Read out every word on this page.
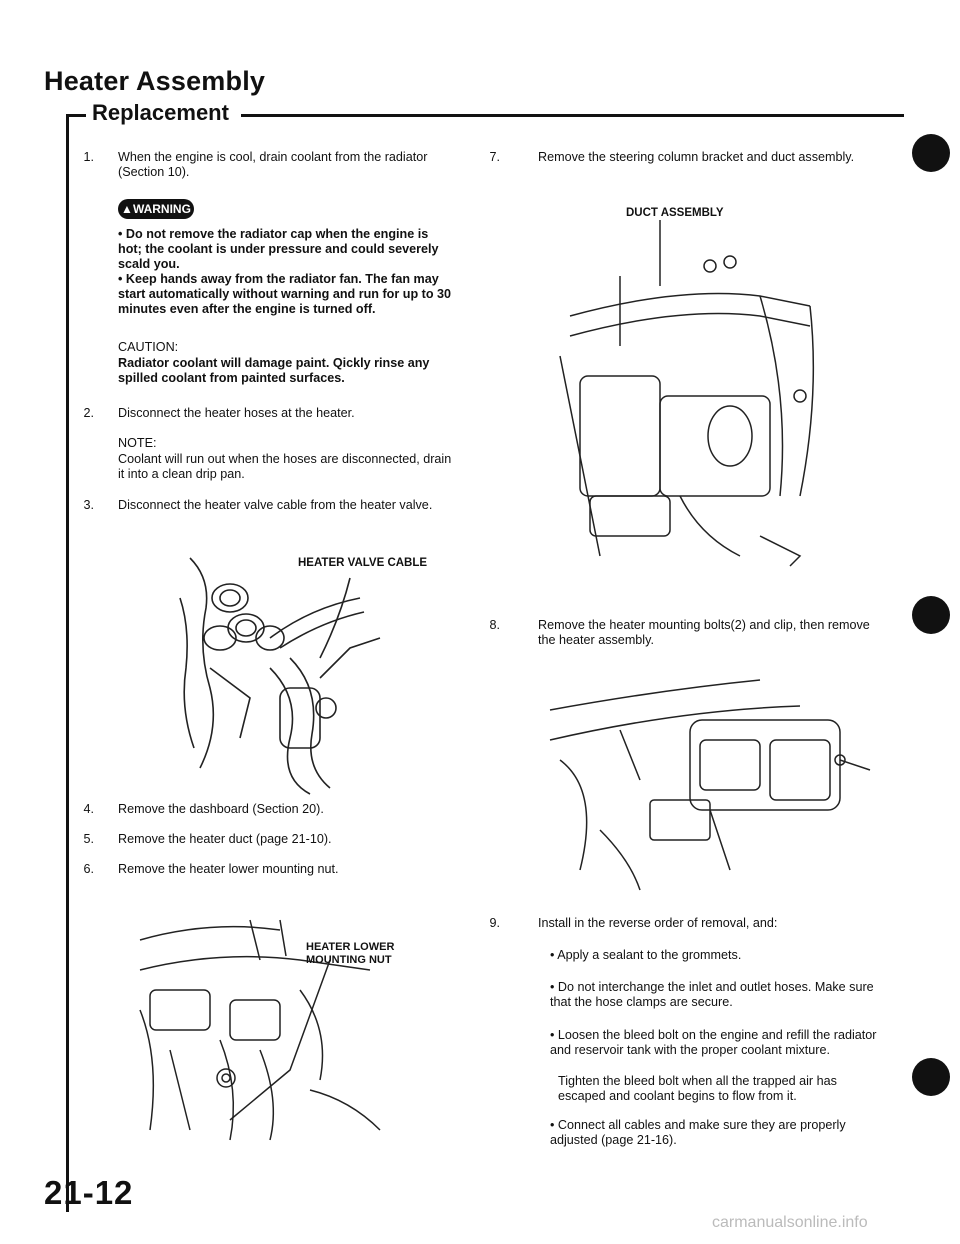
Heater Assembly
Replacement
1. When the engine is cool, drain coolant from the radiator (Section 10).
▲WARNING
• Do not remove the radiator cap when the engine is hot; the coolant is under pressure and could severely scald you.
• Keep hands away from the radiator fan. The fan may start automatically without warning and run for up to 30 minutes even after the engine is turned off.
CAUTION:
Radiator coolant will damage paint. Qickly rinse any spilled coolant from painted surfaces.
2. Disconnect the heater hoses at the heater.
NOTE:
Coolant will run out when the hoses are disconnected, drain it into a clean drip pan.
3. Disconnect the heater valve cable from the heater valve.
HEATER VALVE CABLE
4. Remove the dashboard (Section 20).
5. Remove the heater duct (page 21-10).
6. Remove the heater lower mounting nut.
HEATER LOWER
MOUNTING NUT
7.	Remove the steering column bracket and duct assembly.
DUCT ASSEMBLY
8.	Remove the heater mounting bolts(2) and clip, then remove the heater assembly.
9.	Install in the reverse order of removal, and:
• Apply a sealant to the grommets.
• Do not interchange the inlet and outlet hoses. Make sure that the hose clamps are secure.
• Loosen the bleed bolt on the engine and refill the radiator and reservoir tank with the proper coolant mixture.
Tighten the bleed bolt when all the trapped air has escaped and coolant begins to flow from it.
• Connect all cables and make sure they are properly adjusted (page 21-16).
21-12
carmanualsonline.info
